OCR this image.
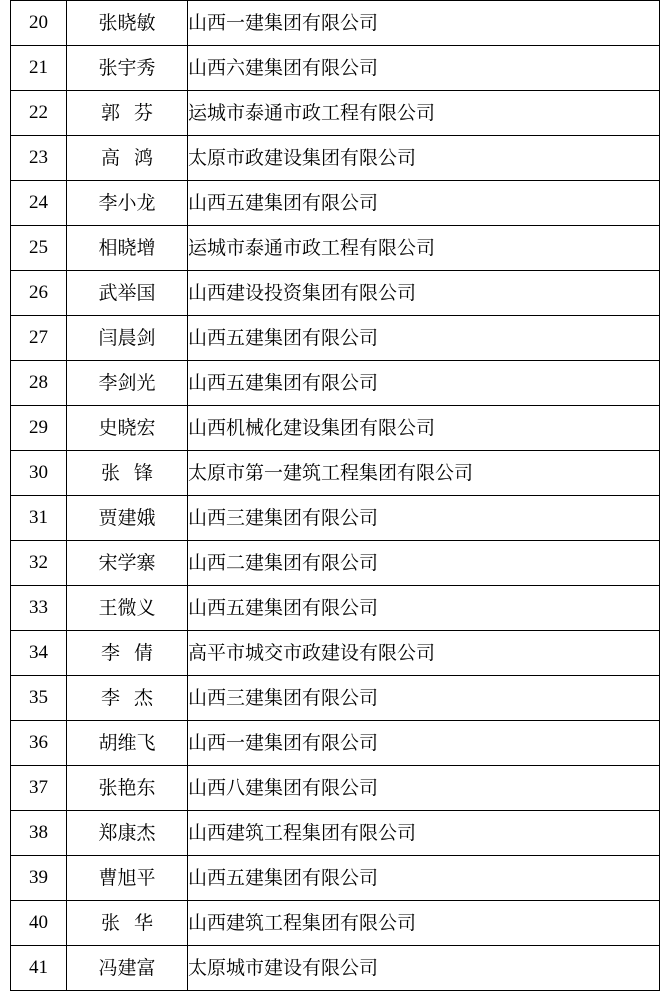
20	张晓敏	山西一建集团有限公司
21	张宇秀	山西六建集团有限公司
22	郭芬	运城市泰通市政工程有限公司
23	高鸿	太原市政建设集团有限公司
24	李小龙	山西五建集团有限公司
25	相晓增	运城市泰通市政工程有限公司
26	武举国	山西建设投资集团有限公司
27	闫晨剑	山西五建集团有限公司
28	李剑光	山西五建集团有限公司
29	史晓宏	山西机械化建设集团有限公司
30	张锋	太原市第一建筑工程集团有限公司
31	贾建娥	山西三建集团有限公司
32	宋学寨	山西二建集团有限公司
33	王微义	山西五建集团有限公司
34	李倩	高平市城交市政建设有限公司
35	李杰	山西三建集团有限公司
36	胡维飞	山西一建集团有限公司
37	张艳东	山西八建集团有限公司
38	郑康杰	山西建筑工程集团有限公司
39	曹旭平	山西五建集团有限公司
40	张华	山西建筑工程集团有限公司
41	冯建富	太原城市建设有限公司
